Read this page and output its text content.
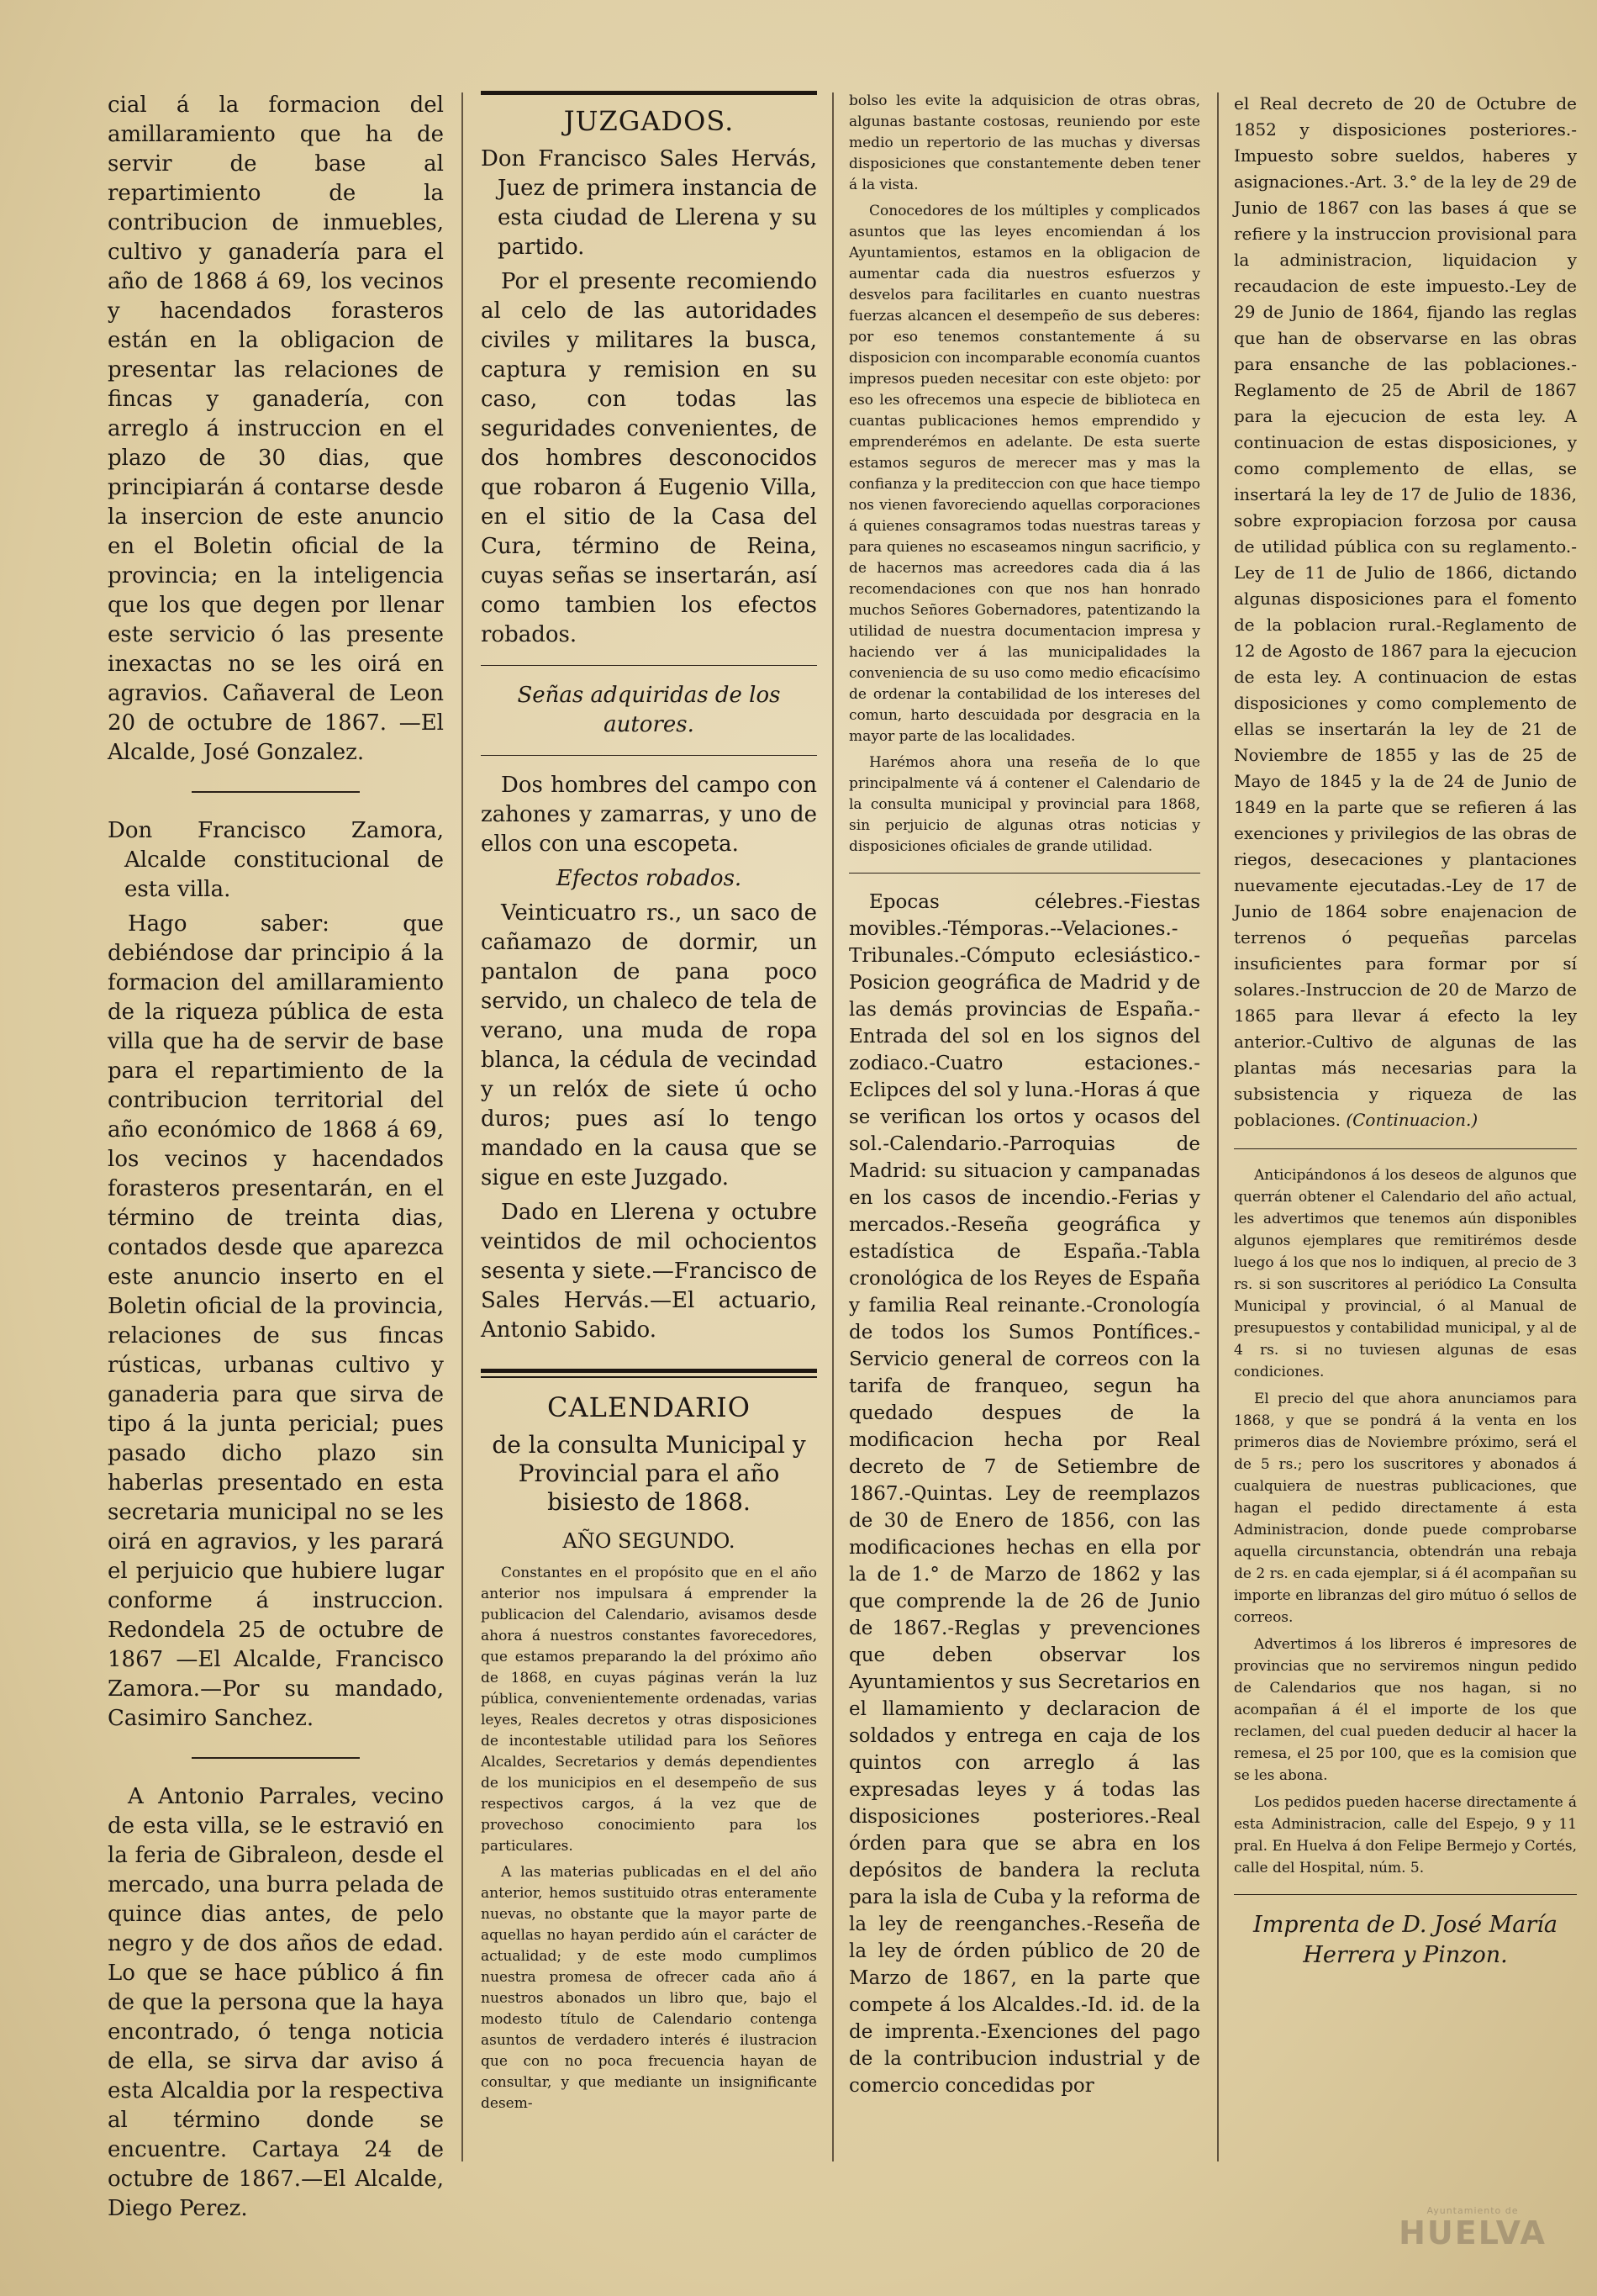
cial á la formacion del amillaramiento que ha de servir de base al repartimiento de la contribucion de inmuebles, cultivo y ganadería para el año de 1868 á 69, los vecinos y hacendados forasteros están en la obligacion de presentar las relaciones de fincas y ganadería, con arreglo á instruccion en el plazo de 30 dias, que principiarán á contarse desde la insercion de este anuncio en el Boletin oficial de la provincia; en la inteligencia que los que degen por llenar este servicio ó las presente inexactas no se les oirá en agravios. Cañaveral de Leon 20 de octubre de 1867. —El Alcalde, José Gonzalez.

Don Francisco Zamora, Alcalde constitucional de esta villa.

Hago saber: que debiéndose dar principio á la formacion del amillaramiento de la riqueza pública de esta villa que ha de servir de base para el repartimiento de la contribucion territorial del año económico de 1868 á 69, los vecinos y hacendados forasteros presentarán, en el término de treinta dias, contados desde que aparezca este anuncio inserto en el Boletin oficial de la provincia, relaciones de sus fincas rústicas, urbanas cultivo y ganaderia para que sirva de tipo á la junta pericial; pues pasado dicho plazo sin haberlas presentado en esta secretaria municipal no se les oirá en agravios, y les parará el perjuicio que hubiere lugar conforme á instruccion. Redondela 25 de octubre de 1867 —El Alcalde, Francisco Zamora.—Por su mandado, Casimiro Sanchez.

A Antonio Parrales, vecino de esta villa, se le estravió en la feria de Gibraleon, desde el mercado, una burra pelada de quince dias antes, de pelo negro y de dos años de edad. Lo que se hace público á fin de que la persona que la haya encontrado, ó tenga noticia de ella, se sirva dar aviso á esta Alcaldia por la respectiva al término donde se encuentre. Cartaya 24 de octubre de 1867.—El Alcalde, Diego Perez.

JUZGADOS.

Don Francisco Sales Hervás, Juez de primera instancia de esta ciudad de Llerena y su partido.

Por el presente recomiendo al celo de las autoridades civiles y militares la busca, captura y remision en su caso, con todas las seguridades convenientes, de dos hombres desconocidos que robaron á Eugenio Villa, en el sitio de la Casa del Cura, término de Reina, cuyas señas se insertarán, así como tambien los efectos robados.

Señas adquiridas de los autores.

Dos hombres del campo con zahones y zamarras, y uno de ellos con una escopeta.

Efectos robados.

Veinticuatro rs., un saco de cañamazo de dormir, un pantalon de pana poco servido, un chaleco de tela de verano, una muda de ropa blanca, la cédula de vecindad y un relóx de siete ú ocho duros; pues así lo tengo mandado en la causa que se sigue en este Juzgado.

Dado en Llerena y octubre veintidos de mil ochocientos sesenta y siete.—Francisco de Sales Hervás.—El actuario, Antonio Sabido.

CALENDARIO

de la consulta Municipal y Provincial para el año bisiesto de 1868.

AÑO SEGUNDO.

Constantes en el propósito que en el año anterior nos impulsara á emprender la publicacion del Calendario, avisamos desde ahora á nuestros constantes favorecedores, que estamos preparando la del próximo año de 1868, en cuyas páginas verán la luz pública, convenientemente ordenadas, varias leyes, Reales decretos y otras disposiciones de incontestable utilidad para los Señores Alcaldes, Secretarios y demás dependientes de los municipios en el desempeño de sus respectivos cargos, á la vez que de provechoso conocimiento para los particulares.

A las materias publicadas en el del año anterior, hemos sustituido otras enteramente nuevas, no obstante que la mayor parte de aquellas no hayan perdido aún el carácter de actualidad; y de este modo cumplimos nuestra promesa de ofrecer cada año á nuestros abonados un libro que, bajo el modesto título de Calendario contenga asuntos de verdadero interés é ilustracion que con no poca frecuencia hayan de consultar, y que mediante un insignificante desem-

bolso les evite la adquisicion de otras obras, algunas bastante costosas, reuniendo por este medio un repertorio de las muchas y diversas disposiciones que constantemente deben tener á la vista.

Conocedores de los múltiples y complicados asuntos que las leyes encomiendan á los Ayuntamientos, estamos en la obligacion de aumentar cada dia nuestros esfuerzos y desvelos para facilitarles en cuanto nuestras fuerzas alcancen el desempeño de sus deberes: por eso tenemos constantemente á su disposicion con incomparable economía cuantos impresos pueden necesitar con este objeto: por eso les ofrecemos una especie de biblioteca en cuantas publicaciones hemos emprendido y emprenderémos en adelante. De esta suerte estamos seguros de merecer mas y mas la confianza y la prediteccion con que hace tiempo nos vienen favoreciendo aquellas corporaciones á quienes consagramos todas nuestras tareas y para quienes no escaseamos ningun sacrificio, y de hacernos mas acreedores cada dia á las recomendaciones con que nos han honrado muchos Señores Gobernadores, patentizando la utilidad de nuestra documentacion impresa y haciendo ver á las municipalidades la conveniencia de su uso como medio eficacísimo de ordenar la contabilidad de los intereses del comun, harto descuidada por desgracia en la mayor parte de las localidades.

Harémos ahora una reseña de lo que principalmente vá á contener el Calendario de la consulta municipal y provincial para 1868, sin perjuicio de algunas otras noticias y disposiciones oficiales de grande utilidad.

Epocas célebres.-Fiestas movibles.-Témporas.--Velaciones.-Tribunales.-Cómputo eclesiástico.-Posicion geográfica de Madrid y de las demás provincias de España.-Entrada del sol en los signos del zodiaco.-Cuatro estaciones.-Eclipces del sol y luna.-Horas á que se verifican los ortos y ocasos del sol.-Calendario.-Parroquias de Madrid: su situacion y campanadas en los casos de incendio.-Ferias y mercados.-Reseña geográfica y estadística de España.-Tabla cronológica de los Reyes de España y familia Real reinante.-Cronología de todos los Sumos Pontífices.-Servicio general de correos con la tarifa de franqueo, segun ha quedado despues de la modificacion hecha por Real decreto de 7 de Setiembre de 1867.-Quintas. Ley de reemplazos de 30 de Enero de 1856, con las modificaciones hechas en ella por la de 1.° de Marzo de 1862 y las que comprende la de 26 de Junio de 1867.-Reglas y prevenciones que deben observar los Ayuntamientos y sus Secretarios en el llamamiento y declaracion de soldados y entrega en caja de los quintos con arreglo á las expresadas leyes y á todas las disposiciones posteriores.-Real órden para que se abra en los depósitos de bandera la recluta para la isla de Cuba y la reforma de la ley de reenganches.-Reseña de la ley de órden público de 20 de Marzo de 1867, en la parte que compete á los Alcaldes.-Id. id. de la de imprenta.-Exenciones del pago de la contribucion industrial y de comercio concedidas por

el Real decreto de 20 de Octubre de 1852 y disposiciones posteriores.-Impuesto sobre sueldos, haberes y asignaciones.-Art. 3.° de la ley de 29 de Junio de 1867 con las bases á que se refiere y la instruccion provisional para la administracion, liquidacion y recaudacion de este impuesto.-Ley de 29 de Junio de 1864, fijando las reglas que han de observarse en las obras para ensanche de las poblaciones.-Reglamento de 25 de Abril de 1867 para la ejecucion de esta ley. A continuacion de estas disposiciones, y como complemento de ellas, se insertará la ley de 17 de Julio de 1836, sobre expropiacion forzosa por causa de utilidad pública con su reglamento.-Ley de 11 de Julio de 1866, dictando algunas disposiciones para el fomento de la poblacion rural.-Reglamento de 12 de Agosto de 1867 para la ejecucion de esta ley. A continuacion de estas disposiciones y como complemento de ellas se insertarán la ley de 21 de Noviembre de 1855 y las de 25 de Mayo de 1845 y la de 24 de Junio de 1849 en la parte que se refieren á las exenciones y privilegios de las obras de riegos, desecaciones y plantaciones nuevamente ejecutadas.-Ley de 17 de Junio de 1864 sobre enajenacion de terrenos ó pequeñas parcelas insuficientes para formar por sí solares.-Instruccion de 20 de Marzo de 1865 para llevar á efecto la ley anterior.-Cultivo de algunas de las plantas más necesarias para la subsistencia y riqueza de las poblaciones. (Continuacion.)

Anticipándonos á los deseos de algunos que querrán obtener el Calendario del año actual, les advertimos que tenemos aún disponibles algunos ejemplares que remitirémos desde luego á los que nos lo indiquen, al precio de 3 rs. si son suscritores al periódico La Consulta Municipal y provincial, ó al Manual de presupuestos y contabilidad municipal, y al de 4 rs. si no tuviesen algunas de esas condiciones.

El precio del que ahora anunciamos para 1868, y que se pondrá á la venta en los primeros dias de Noviembre próximo, será el de 5 rs.; pero los suscritores y abonados á cualquiera de nuestras publicaciones, que hagan el pedido directamente á esta Administracion, donde puede comprobarse aquella circunstancia, obtendrán una rebaja de 2 rs. en cada ejemplar, si á él acompañan su importe en libranzas del giro mútuo ó sellos de correos.

Advertimos á los libreros é impresores de provincias que no serviremos ningun pedido de Calendarios que nos hagan, si no acompañan á él el importe de los que reclamen, del cual pueden deducir al hacer la remesa, el 25 por 100, que es la comision que se les abona.

Los pedidos pueden hacerse directamente á esta Administracion, calle del Espejo, 9 y 11 pral. En Huelva á don Felipe Bermejo y Cortés, calle del Hospital, núm. 5.

Imprenta de D. José María Herrera y Pinzon.

Ayuntamiento de
HUELVA
